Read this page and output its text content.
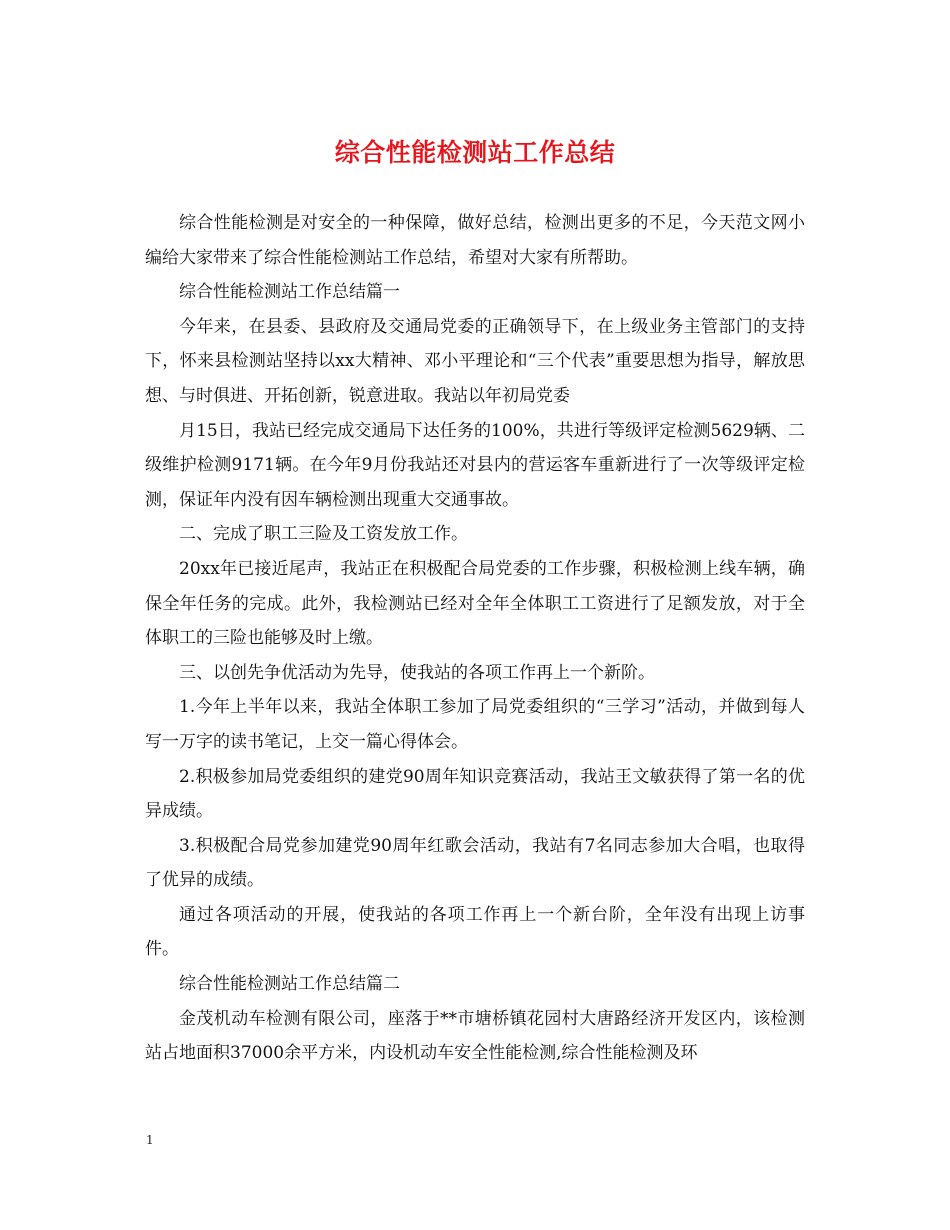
综合性能检测站工作总结

综合性能检测是对安全的一种保障，做好总结，检测出更多的不足，今天范文网小编给大家带来了综合性能检测站工作总结，希望对大家有所帮助。

综合性能检测站工作总结篇一

今年来，在县委、县政府及交通局党委的正确领导下，在上级业务主管部门的支持下，怀来县检测站坚持以xx大精神、邓小平理论和“三个代表”重要思想为指导，解放思想、与时俱进、开拓创新，锐意进取。我站以年初局党委

月15日，我站已经完成交通局下达任务的100%，共进行等级评定检测5629辆、二级维护检测9171辆。在今年9月份我站还对县内的营运客车重新进行了一次等级评定检测，保证年内没有因车辆检测出现重大交通事故。

二、完成了职工三险及工资发放工作。

20xx年已接近尾声，我站正在积极配合局党委的工作步骤，积极检测上线车辆，确保全年任务的完成。此外，我检测站已经对全年全体职工工资进行了足额发放，对于全体职工的三险也能够及时上缴。

三、以创先争优活动为先导，使我站的各项工作再上一个新阶。

1.今年上半年以来，我站全体职工参加了局党委组织的“三学习”活动，并做到每人写一万字的读书笔记，上交一篇心得体会。

2.积极参加局党委组织的建党90周年知识竞赛活动，我站王文敏获得了第一名的优异成绩。

3.积极配合局党参加建党90周年红歌会活动，我站有7名同志参加大合唱，也取得了优异的成绩。

通过各项活动的开展，使我站的各项工作再上一个新台阶，全年没有出现上访事件。

综合性能检测站工作总结篇二

金茂机动车检测有限公司，座落于**市塘桥镇花园村大唐路经济开发区内，该检测站占地面积37000余平方米，内设机动车安全性能检测,综合性能检测及环

1
